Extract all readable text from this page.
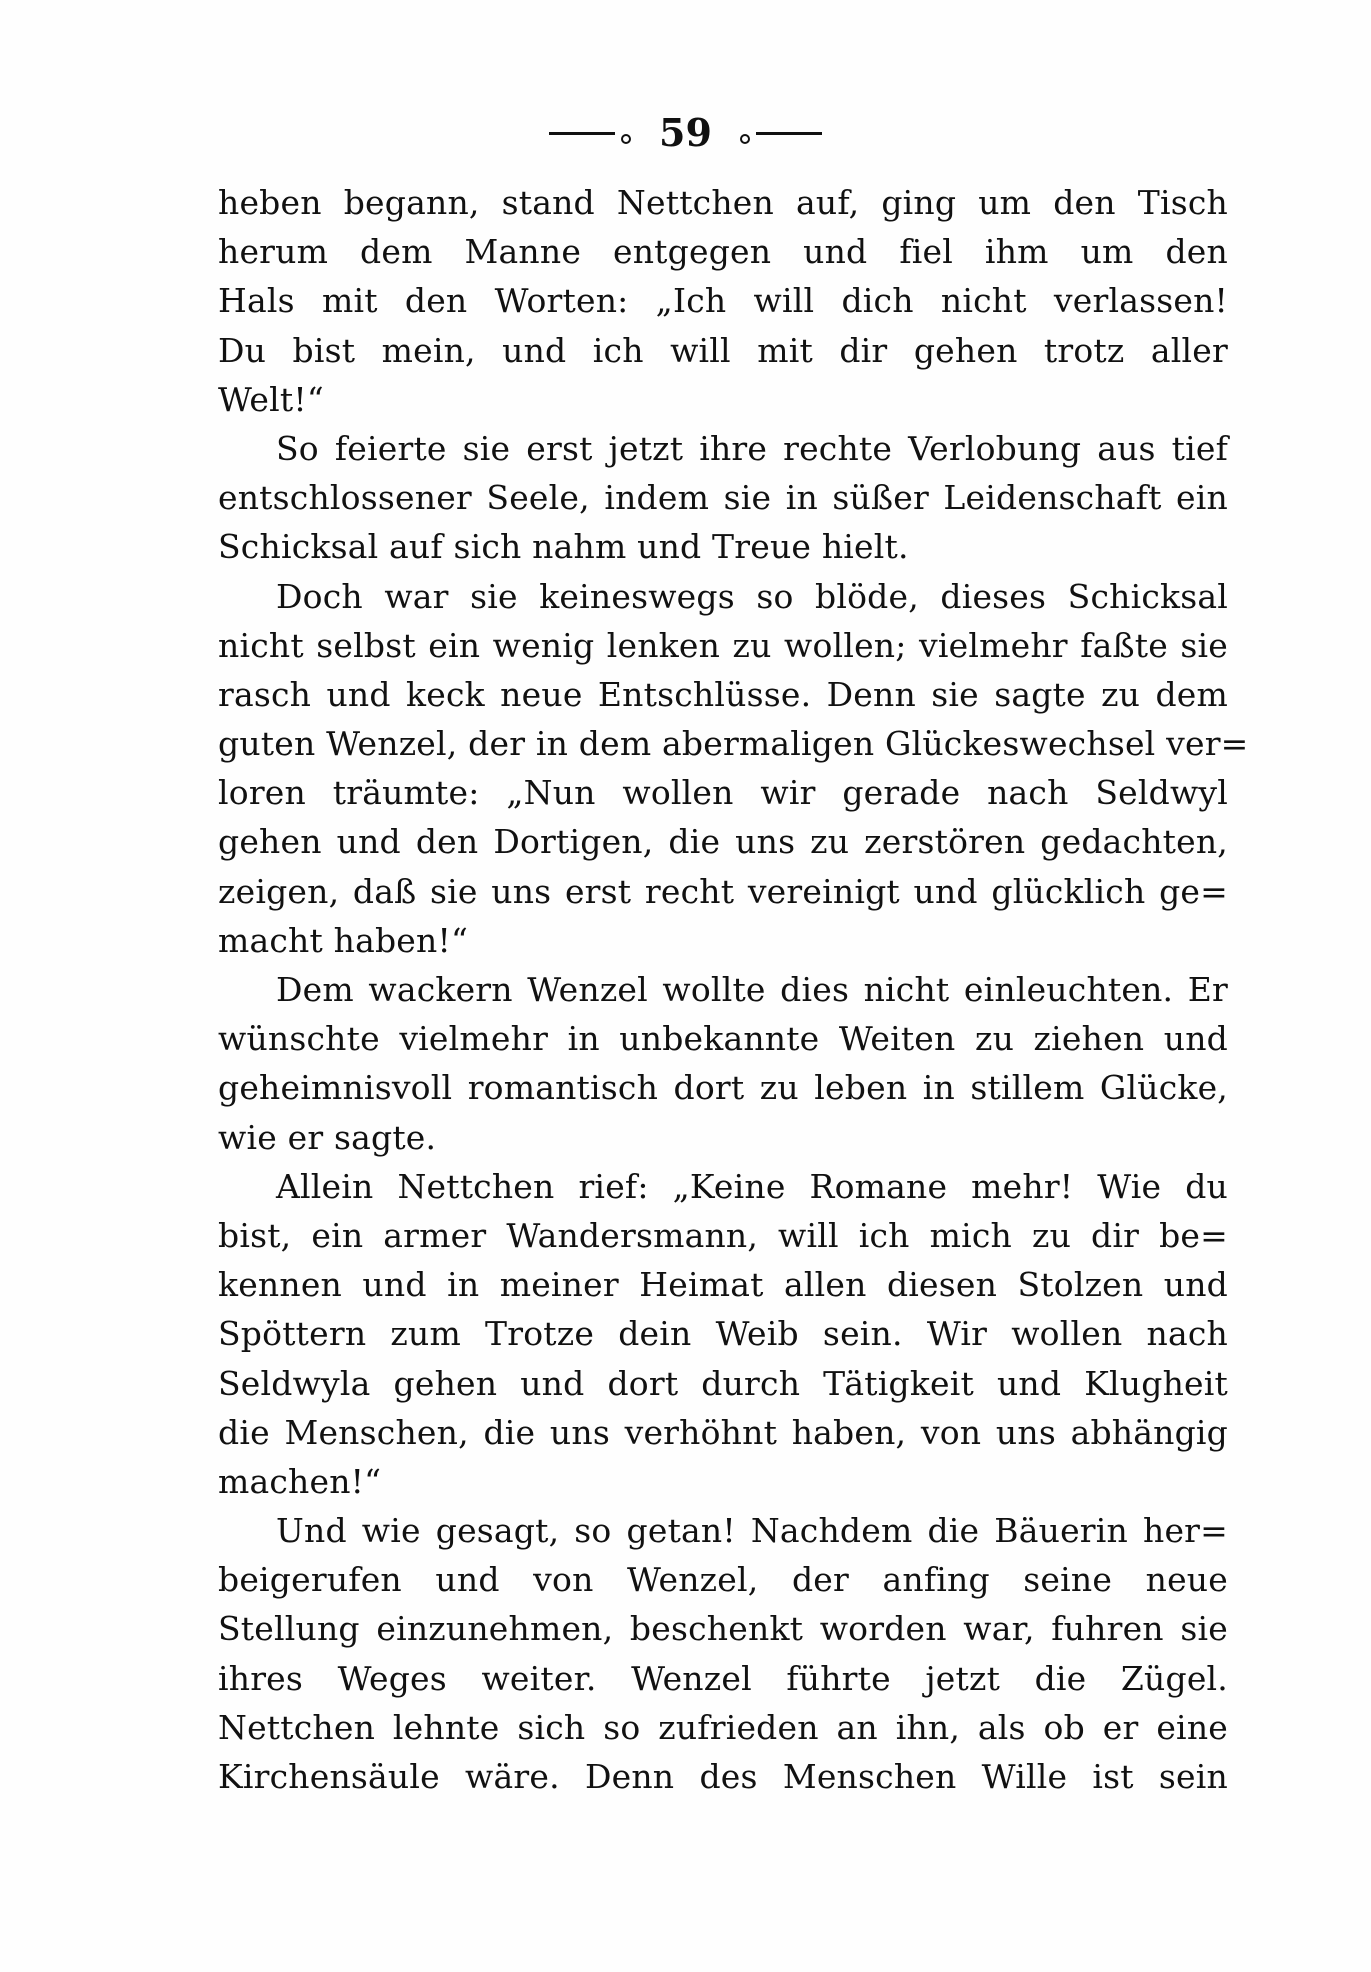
59
heben begann, stand Nettchen auf, ging um den Tisch
herum dem Manne entgegen und fiel ihm um den
Hals mit den Worten: „Ich will dich nicht verlassen!
Du bist mein, und ich will mit dir gehen trotz aller
Welt!“
So feierte sie erst jetzt ihre rechte Verlobung aus tief
entschlossener Seele, indem sie in süßer Leidenschaft ein
Schicksal auf sich nahm und Treue hielt.
Doch war sie keineswegs so blöde, dieses Schicksal
nicht selbst ein wenig lenken zu wollen; vielmehr faßte sie
rasch und keck neue Entschlüsse. Denn sie sagte zu dem
guten Wenzel, der in dem abermaligen Glückeswechsel ver=
loren träumte: „Nun wollen wir gerade nach Seldwyl
gehen und den Dortigen, die uns zu zerstören gedachten,
zeigen, daß sie uns erst recht vereinigt und glücklich ge=
macht haben!“
Dem wackern Wenzel wollte dies nicht einleuchten. Er
wünschte vielmehr in unbekannte Weiten zu ziehen und
geheimnisvoll romantisch dort zu leben in stillem Glücke,
wie er sagte.
Allein Nettchen rief: „Keine Romane mehr! Wie du
bist, ein armer Wandersmann, will ich mich zu dir be=
kennen und in meiner Heimat allen diesen Stolzen und
Spöttern zum Trotze dein Weib sein. Wir wollen nach
Seldwyla gehen und dort durch Tätigkeit und Klugheit
die Menschen, die uns verhöhnt haben, von uns abhängig
machen!“
Und wie gesagt, so getan! Nachdem die Bäuerin her=
beigerufen und von Wenzel, der anfing seine neue
Stellung einzunehmen, beschenkt worden war, fuhren sie
ihres Weges weiter. Wenzel führte jetzt die Zügel.
Nettchen lehnte sich so zufrieden an ihn, als ob er eine
Kirchensäule wäre. Denn des Menschen Wille ist sein
